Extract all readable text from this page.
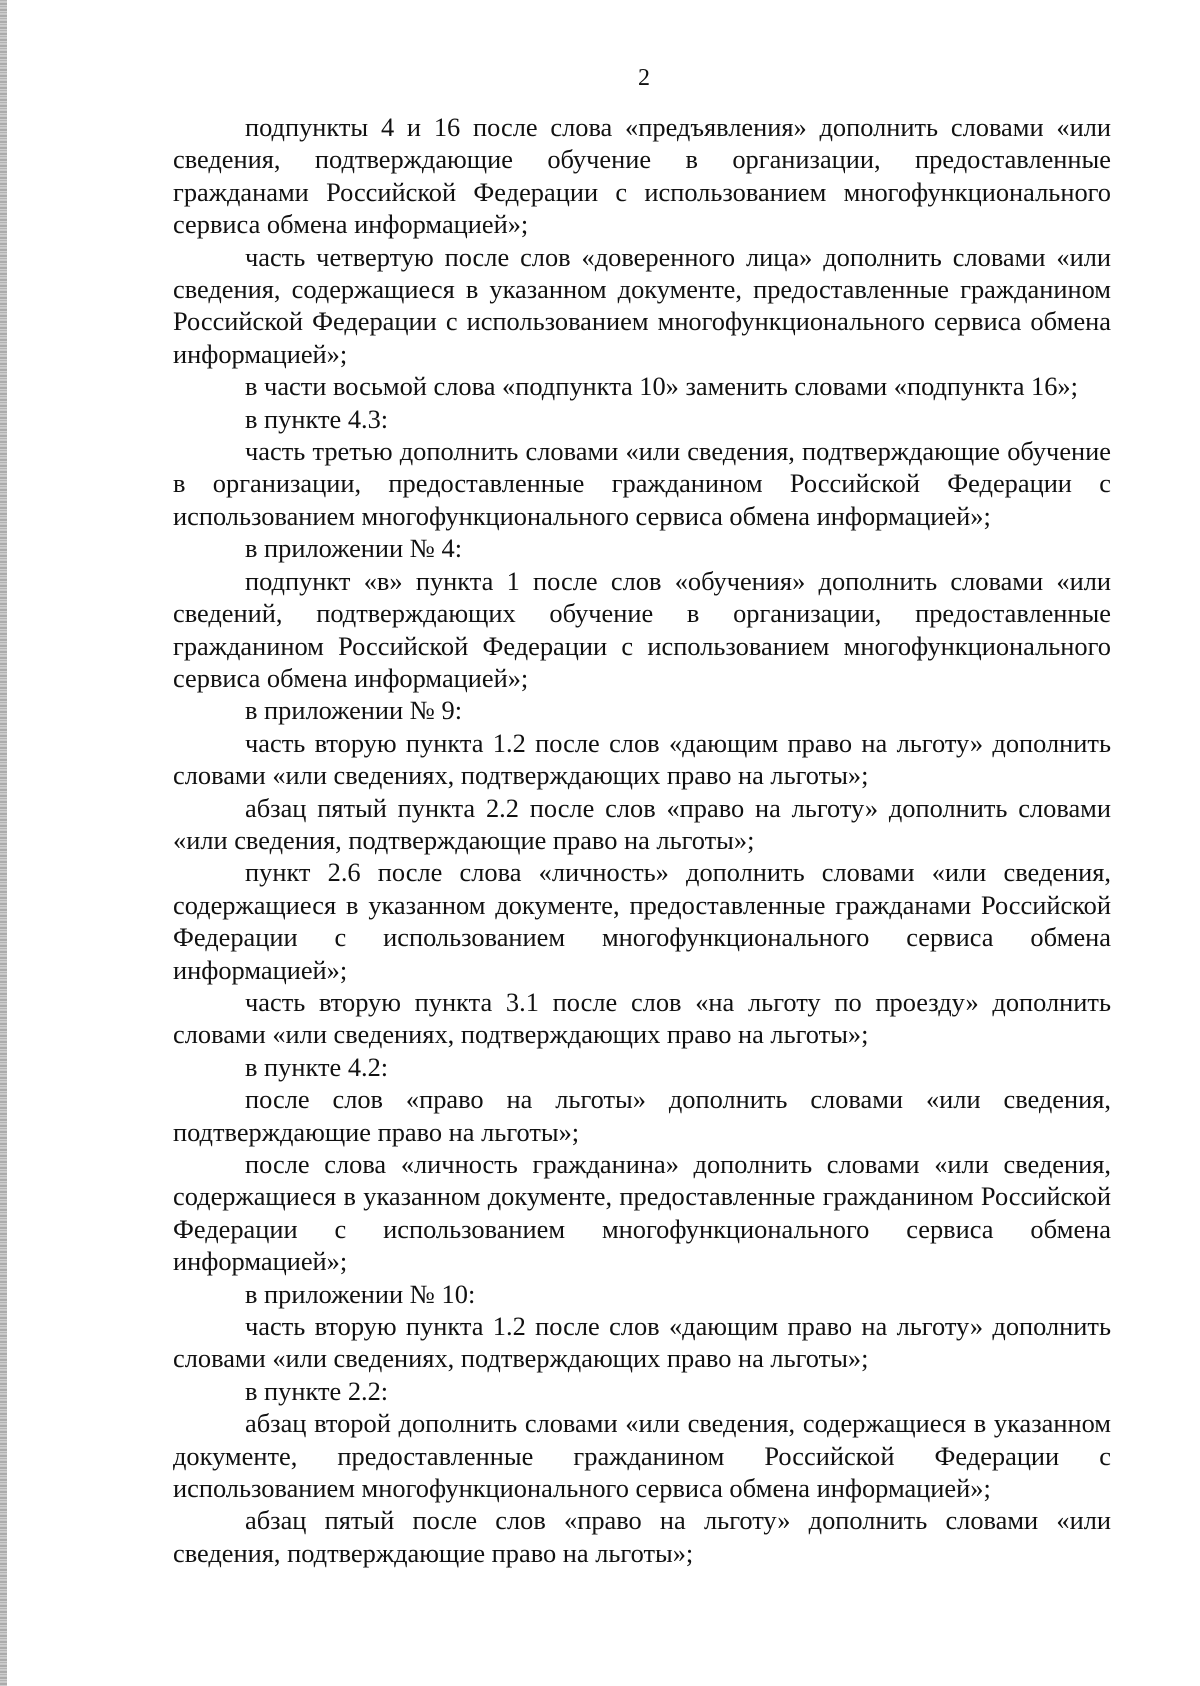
2

подпункты 4 и 16 после слова «предъявления» дополнить словами «или сведения, подтверждающие обучение в организации, предоставленные гражданами Российской Федерации с использованием многофункционального сервиса обмена информацией»;

часть четвертую после слов «доверенного лица» дополнить словами «или сведения, содержащиеся в указанном документе, предоставленные гражданином Российской Федерации с использованием многофункционального сервиса обмена информацией»;

в части восьмой слова «подпункта 10» заменить словами «подпункта 16»;

в пункте 4.3:

часть третью дополнить словами «или сведения, подтверждающие обучение в организации, предоставленные гражданином Российской Федерации с использованием многофункционального сервиса обмена информацией»;

в приложении № 4:

подпункт «в» пункта 1 после слов «обучения» дополнить словами «или сведений, подтверждающих обучение в организации, предоставленные гражданином Российской Федерации с использованием многофункционального сервиса обмена информацией»;

в приложении № 9:

часть вторую пункта 1.2 после слов «дающим право на льготу» дополнить словами «или сведениях, подтверждающих право на льготы»;

абзац пятый пункта 2.2 после слов «право на льготу» дополнить словами «или сведения, подтверждающие право на льготы»;

пункт 2.6 после слова «личность» дополнить словами «или сведения, содержащиеся в указанном документе, предоставленные гражданами Российской Федерации с использованием многофункционального сервиса обмена информацией»;

часть вторую пункта 3.1 после слов «на льготу по проезду» дополнить словами «или сведениях, подтверждающих право на льготы»;

в пункте 4.2:

после слов «право на льготы» дополнить словами «или сведения, подтверждающие право на льготы»;

после слова «личность гражданина» дополнить словами «или сведения, содержащиеся в указанном документе, предоставленные гражданином Российской Федерации с использованием многофункционального сервиса обмена информацией»;

в приложении № 10:

часть вторую пункта 1.2 после слов «дающим право на льготу» дополнить словами «или сведениях, подтверждающих право на льготы»;

в пункте 2.2:

абзац второй дополнить словами «или сведения, содержащиеся в указанном документе, предоставленные гражданином Российской Федерации с использованием многофункционального сервиса обмена информацией»;

абзац пятый после слов «право на льготу» дополнить словами «или сведения, подтверждающие право на льготы»;
